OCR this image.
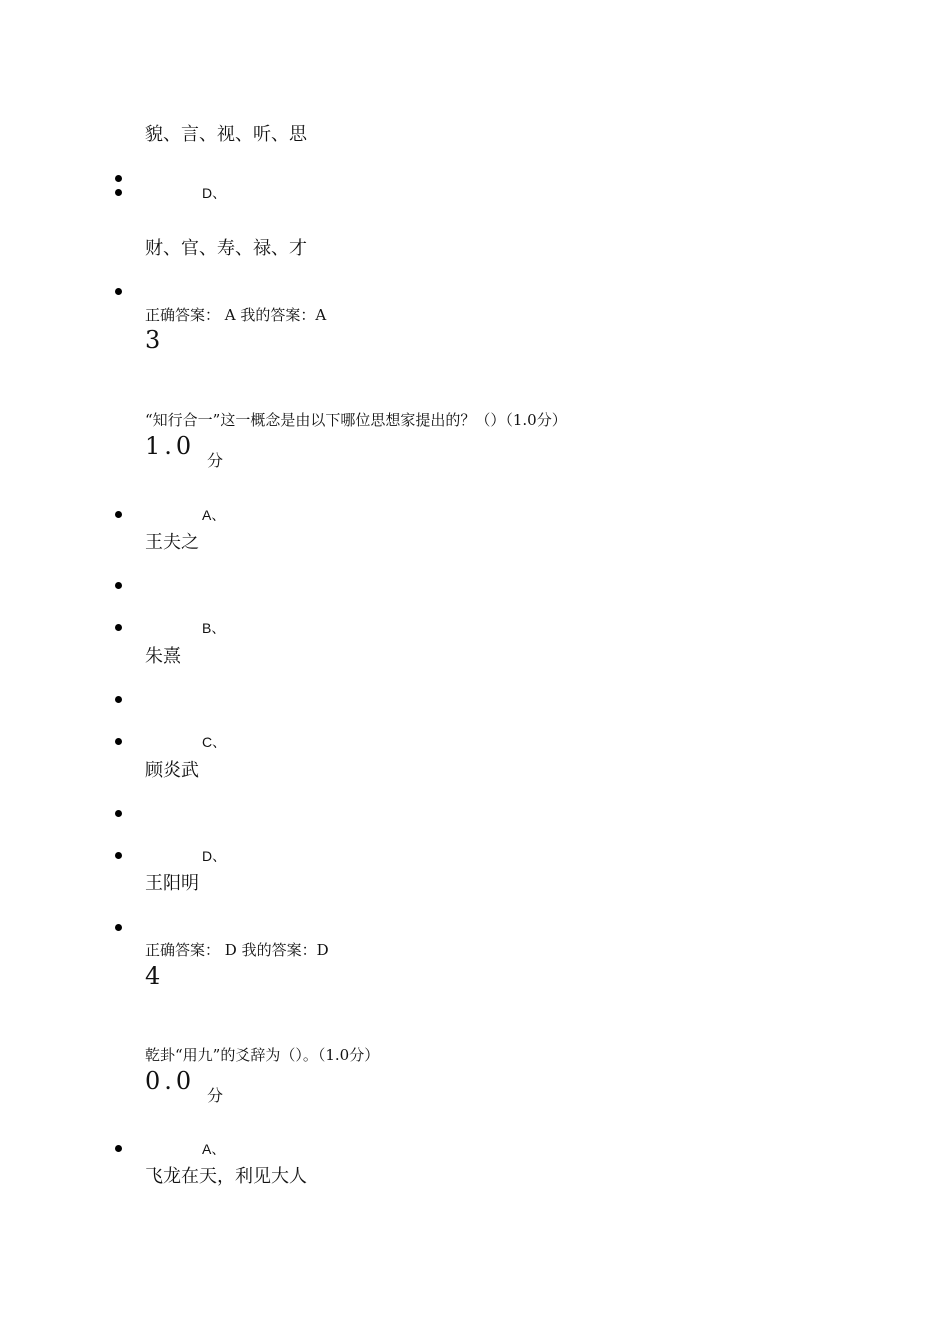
貌、言、视、听、思
D、
财、官、寿、禄、才
正确答案： A 我的答案：A
3
“知行合一”这一概念是由以下哪位思想家提出的？（）（1.0分）
1.0
分
A、
王夫之
B、
朱熹
C、
顾炎武
D、
王阳明
正确答案： D 我的答案：D
4
乾卦“用九”的爻辞为（）。（1.0分）
0.0
分
A、
飞龙在天，利见大人
